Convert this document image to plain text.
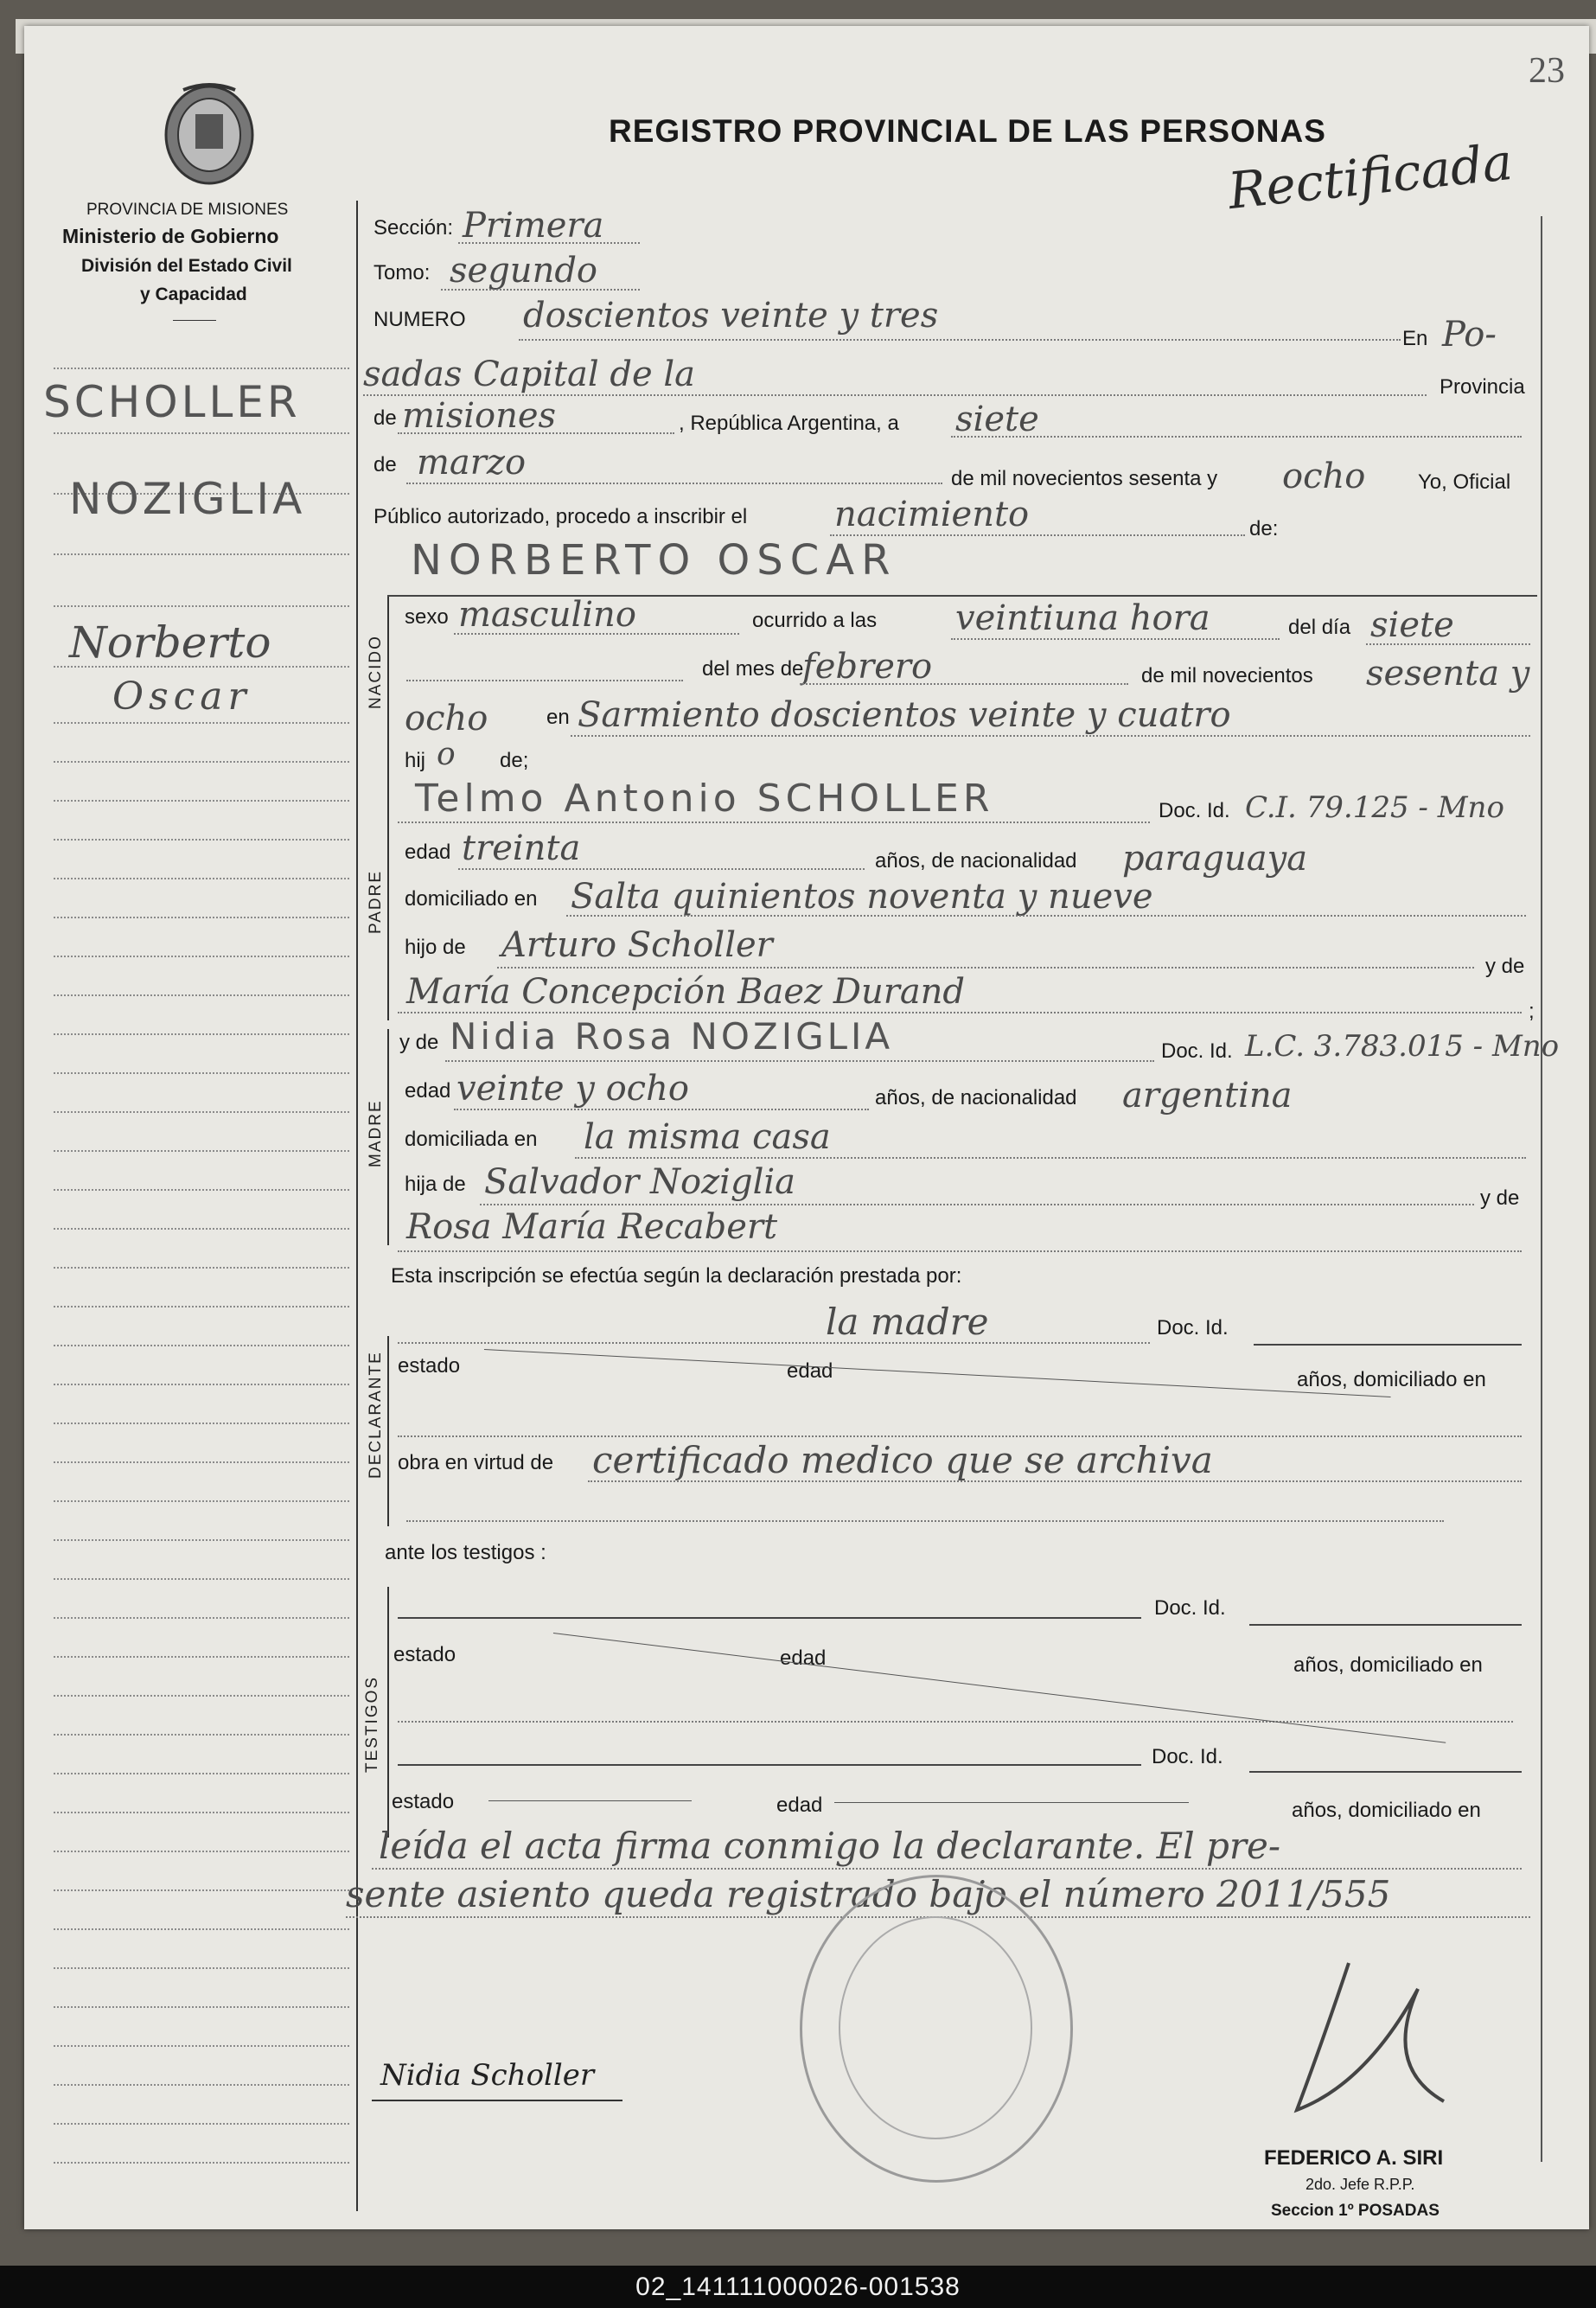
23
PROVINCIA DE MISIONES
Ministerio de Gobierno
División del Estado Civil
y Capacidad
REGISTRO PROVINCIAL DE LAS PERSONAS
Rectificada
SCHOLLER
NOZIGLIA
Norberto
Oscar
Sección: Primera
Tomo: segundo
NUMERO doscientos veinte y tres
En Po-
sadas Capital de la	Provincia
de misiones	, República Argentina, a siete
de marzo	de mil novecientos sesenta y ocho	Yo, Oficial
Público autorizado, procedo a inscribir el	nacimiento	de:
NORBERTO OSCAR
NACIDO
sexo masculino	ocurrido a las veintiuna hora	del día siete
del mes de
febrero	de mil novecientos sesenta y
ocho	en Sarmiento doscientos veinte y cuatro
hij o de;
PADRE
Telmo Antonio SCHOLLER	Doc. Id. C.I. 79.125 - Mno
edad treinta	años, de nacionalidad paraguaya
domiciliado en Salta quinientos noventa y nueve
hijo de Arturo Scholler
y de
María Concepción Baez Durand	;
MADRE
y de Nidia Rosa NOZIGLIA	Doc. Id. L.C. 3.783.015 - Mno
edad veinte y ocho	años, de nacionalidad argentina
domiciliada en la misma casa
hija de Salvador Noziglia	y de
Rosa María Recabert
Esta inscripción se efectúa según la declaración prestada por:
la madre	Doc. Id.
DECLARANTE estado	edad	años, domiciliado en
obra en virtud de certificado medico que se archiva
ante los testigos :
TESTIGOS
Doc. Id.
estado	edad	años, domiciliado en
Doc. Id.
estado	edad	años, domiciliado en
leída el acta firma conmigo la declarante. El pre-
sente asiento queda registrado bajo el número 2011/555
Nidia Scholler
FEDERICO A. SIRI
2do. Jefe R.P.P.
Seccion 1º POSADAS
02_141111000026-001538
